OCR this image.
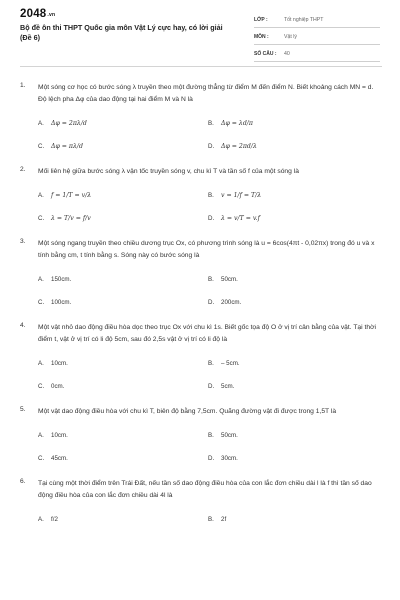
2048.vn
Bộ đề ôn thi THPT Quốc gia môn Vật Lý cực hay, có lời giải (Đề 6)
LỚP :	Tốt nghiệp THPT
MÔN :	Vật lý
SỐ CÂU :	40
1. Một sóng cơ học có bước sóng λ truyền theo một đường thẳng từ điểm M đến điểm N. Biết khoảng cách MN = d. Độ lệch pha Δφ của dao động tại hai điểm M và N là
A.	Δφ = 2πλ/d	B.	Δφ = λd/π
C.	Δφ = πλ/d	D.	Δφ = 2πd/λ
2. Mối liên hệ giữa bước sóng λ vận tốc truyền sóng v, chu kì T và tần số f của một sóng là
A.	f = 1/T = v/λ	B.	v = 1/f = T/λ
C.	λ = T/v = f/v	D.	λ = v/T = v.f
3. Một sóng ngang truyền theo chiều dương trục Ox, có phương trình sóng là u = 6cos(4πt - 0,02πx) trong đó u và x tính bằng cm, t tính bằng s. Sóng này có bước sóng là
A.	150cm.	B.	50cm.
C.	100cm.	D.	200cm.
4. Một vật nhỏ dao động điều hòa dọc theo trục Ox với chu kì 1s. Biết gốc tọa độ O ở vị trí cân bằng của vật. Tại thời điểm t, vật ở vị trí có li độ 5cm, sau đó 2,5s vật ở vị trí có li độ là
A.	10cm.	B.	– 5cm.
C.	0cm.	D.	5cm.
5. Một vật dao động điều hòa với chu kì T, biên độ bằng 7,5cm. Quãng đường vật đi được trong 1,5T là
A.	10cm.	B.	50cm.
C.	45cm.	D.	30cm.
6. Tại cùng một thời điểm trên Trái Đất, nếu tần số dao động điều hòa của con lắc đơn chiều dài l là f thì tần số dao động điều hòa của con lắc đơn chiều dài 4l là
A.	f/2	B.	2f
